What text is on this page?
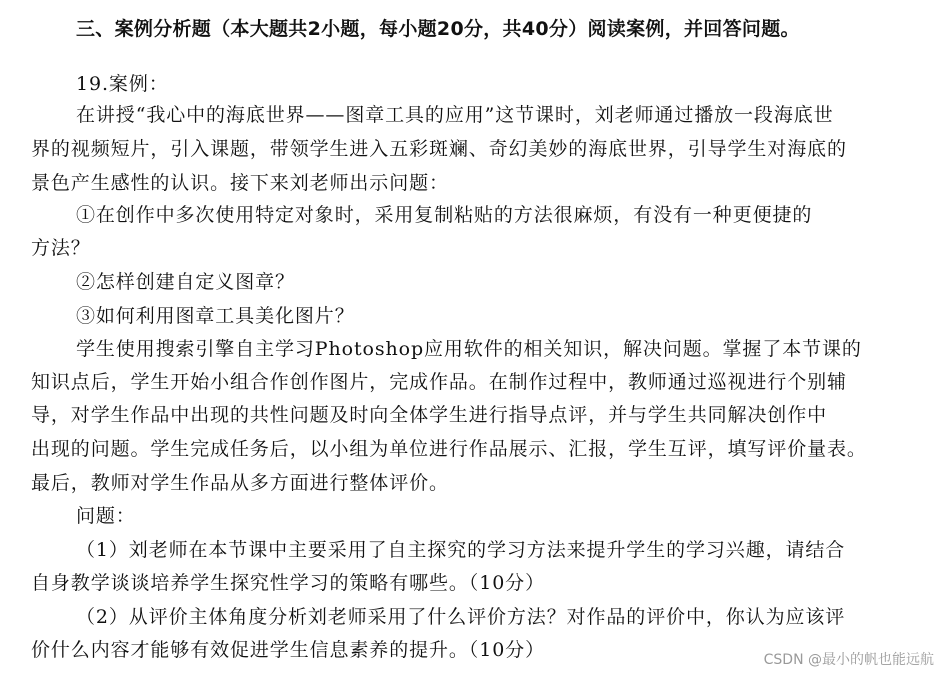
三、案例分析题（本大题共2小题，每小题20分，共40分）阅读案例，并回答问题。
19.案例：
在讲授“我心中的海底世界——图章工具的应用”这节课时，刘老师通过播放一段海底世
界的视频短片，引入课题，带领学生进入五彩斑斓、奇幻美妙的海底世界，引导学生对海底的
景色产生感性的认识。接下来刘老师出示问题：
①在创作中多次使用特定对象时，采用复制粘贴的方法很麻烦，有没有一种更便捷的
方法？
②怎样创建自定义图章？
③如何利用图章工具美化图片？
学生使用搜索引擎自主学习Photoshop应用软件的相关知识，解决问题。掌握了本节课的
知识点后，学生开始小组合作创作图片，完成作品。在制作过程中，教师通过巡视进行个别辅
导，对学生作品中出现的共性问题及时向全体学生进行指导点评，并与学生共同解决创作中
出现的问题。学生完成任务后，以小组为单位进行作品展示、汇报，学生互评，填写评价量表。
最后，教师对学生作品从多方面进行整体评价。
问题：
（1）刘老师在本节课中主要采用了自主探究的学习方法来提升学生的学习兴趣，请结合
自身教学谈谈培养学生探究性学习的策略有哪些。（10分）
（2）从评价主体角度分析刘老师采用了什么评价方法？对作品的评价中，你认为应该评
价什么内容才能够有效促进学生信息素养的提升。（10分）	CSDN @最小的帆也能远航
